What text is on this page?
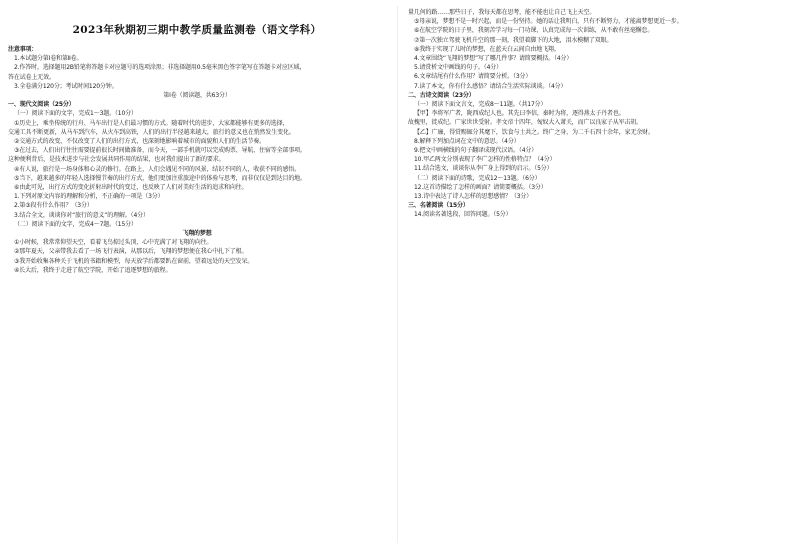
2023年秋期初三期中教学质量监测卷（语文学科）
注意事项：
1.本试题分第Ⅰ卷和第Ⅱ卷。
2.作答时，选择题用2B铅笔将答题卡对应题号的选项涂黑；非选择题用0.5毫米黑色签字笔写在答题卡对应区域，
答在试卷上无效。
3.全卷满分120分；考试时间120分钟。
第Ⅰ卷（阅读题，共63分）
一、现代文阅读（25分）
（一）阅读下面的文字，完成1～3题。（10分）
①历史上，乘坐传统的行舟、马车出行是人们最习惯的方式。随着时代的进步，大家都能够有更多的选择，
交通工具不断更新，从马车到汽车，从火车到高铁，人们的出行半径越来越大，旅行的意义也在悄然发生变化。
②交通方式的改变，不仅改变了人们的出行方式，也深刻地影响着城市的面貌和人们的生活节奏。
③在过去，人们出行往往需要提前很长时间做准备，而今天，一部手机就可以完成购票、导航、住宿等全部事项。
这种便利背后，是技术进步与社会发展共同作用的结果，也对我们提出了新的要求。
④有人说，旅行是一场身体和心灵的修行。在路上，人们会遇见不同的风景，结识不同的人，收获不同的感悟。
⑤当下，越来越多的年轻人选择慢节奏的出行方式，他们更加注重旅途中的体验与思考，而非仅仅是到达目的地。
⑥由此可见，出行方式的变化折射出时代的变迁，也反映了人们对美好生活的追求和向往。
1.下列对原文内容的理解和分析，不正确的一项是（3分）
2.第③段有什么作用？（3分）
3.结合全文，谈谈你对“旅行的意义”的理解。（4分）
（二）阅读下面的文字，完成4～7题。（15分）
飞翔的梦想
①小时候，我常常仰望天空，看着飞鸟掠过头顶，心中充满了对飞翔的向往。
②那年夏天，父亲带我去看了一场飞行表演，从那以后，飞翔的梦想便在我心中扎下了根。
③我开始收集各种关于飞机的书籍和模型，每天放学后都要趴在窗前，望着远处的天空发呆。
④长大后，我终于走进了航空学院，开始了追逐梦想的旅程。
量几何的路……那些日子，我每天都在思考，能不能也让自己飞上天空。
⑤母亲说，梦想不是一时兴起，而是一份坚持。她的话让我明白，只有不断努力，才能离梦想更近一步。
⑥在航空学院的日子里，我刻苦学习每一门功课，认真完成每一次训练，从不敢有丝毫懈怠。
⑦第一次独立驾驶飞机升空的那一刻，我望着脚下的大地，泪水模糊了双眼。
⑧我终于实现了儿时的梦想，在蓝天白云间自由地飞翔。
4.文章围绕“飞翔的梦想”写了哪几件事？请简要概括。（4分）
5.请赏析文中画线的句子。（4分）
6.文章结尾有什么作用？请简要分析。（3分）
7.读了本文，你有什么感悟？请结合生活实际谈谈。（4分）
二、古诗文阅读（23分）
（一）阅读下面文言文，完成8～11题。（共17分）
【甲】李将军广者，陇西成纪人也。其先曰李信，秦时为将，逐得燕太子丹者也。
故槐里，徙成纪。广家世世受射。孝文帝十四年，匈奴大入萧关，而广以良家子从军击胡。
【乙】广廉，得赏赐辄分其麾下，饮食与士共之。终广之身，为二千石四十余年，家无余财。
8.解释下列加点词在文中的意思。（4分）
9.把文中画横线的句子翻译成现代汉语。（4分）
10.甲乙两文分别表现了李广怎样的性格特点？（4分）
11.结合选文，谈谈你从李广身上得到的启示。（5分）
（二）阅读下面的诗歌，完成12～13题。（6分）
12.这首诗描绘了怎样的画面？请简要概括。（3分）
13.诗中表达了诗人怎样的思想感情？（3分）
三、名著阅读（15分）
14.阅读名著选段，回答问题。（5分）
